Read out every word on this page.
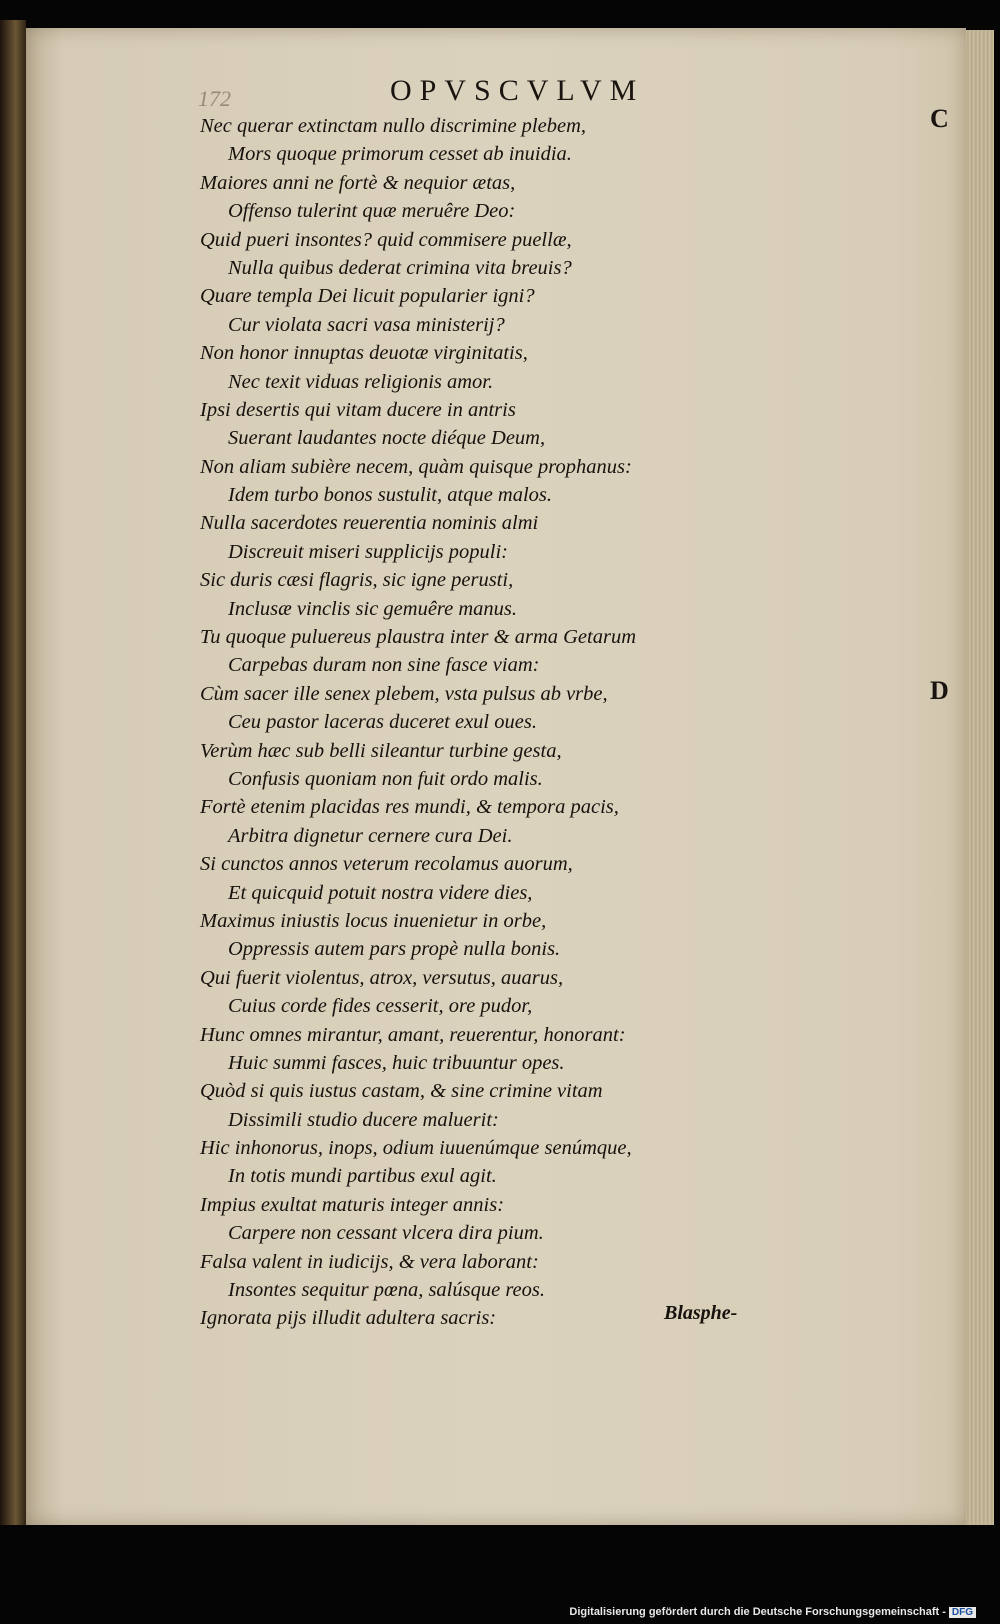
172	OPVSCVLVM
C
D
Nec querar extinctam nullo discrimine plebem,
Mors quoque primorum cesset ab inuidia.
Maiores anni ne fortè & nequior ætas,
Offenso tulerint quæ meruêre Deo:
Quid pueri insontes? quid commisere puellæ,
Nulla quibus dederat crimina vita breuis?
Quare templa Dei licuit popularier igni?
Cur violata sacri vasa ministerij?
Non honor innuptas deuotæ virginitatis,
Nec texit viduas religionis amor.
Ipsi desertis qui vitam ducere in antris
Suerant laudantes nocte diéque Deum,
Non aliam subière necem, quàm quisque prophanus:
Idem turbo bonos sustulit, atque malos.
Nulla sacerdotes reuerentia nominis almi
Discreuit miseri supplicijs populi:
Sic duris cæsi flagris, sic igne perusti,
Inclusæ vinclis sic gemuêre manus.
Tu quoque puluereus plaustra inter & arma Getarum
Carpebas duram non sine fasce viam:
Cùm sacer ille senex plebem, vsta pulsus ab vrbe,
Ceu pastor laceras duceret exul oues.
Verùm hæc sub belli sileantur turbine gesta,
Confusis quoniam non fuit ordo malis.
Fortè etenim placidas res mundi, & tempora pacis,
Arbitra dignetur cernere cura Dei.
Si cunctos annos veterum recolamus auorum,
Et quicquid potuit nostra videre dies,
Maximus iniustis locus inuenietur in orbe,
Oppressis autem pars propè nulla bonis.
Qui fuerit violentus, atrox, versutus, auarus,
Cuius corde fides cesserit, ore pudor,
Hunc omnes mirantur, amant, reuerentur, honorant:
Huic summi fasces, huic tribuuntur opes.
Quòd si quis iustus castam, & sine crimine vitam
Dissimili studio ducere maluerit:
Hic inhonorus, inops, odium iuuenúmque senúmque,
In totis mundi partibus exul agit.
Impius exultat maturis integer annis:
Carpere non cessant vlcera dira pium.
Falsa valent in iudicijs, & vera laborant:
Insontes sequitur pœna, salúsque reos.
Ignorata pijs illudit adultera sacris:	Blasphe-
Digitalisierung gefördert durch die Deutsche Forschungsgemeinschaft - DFG
